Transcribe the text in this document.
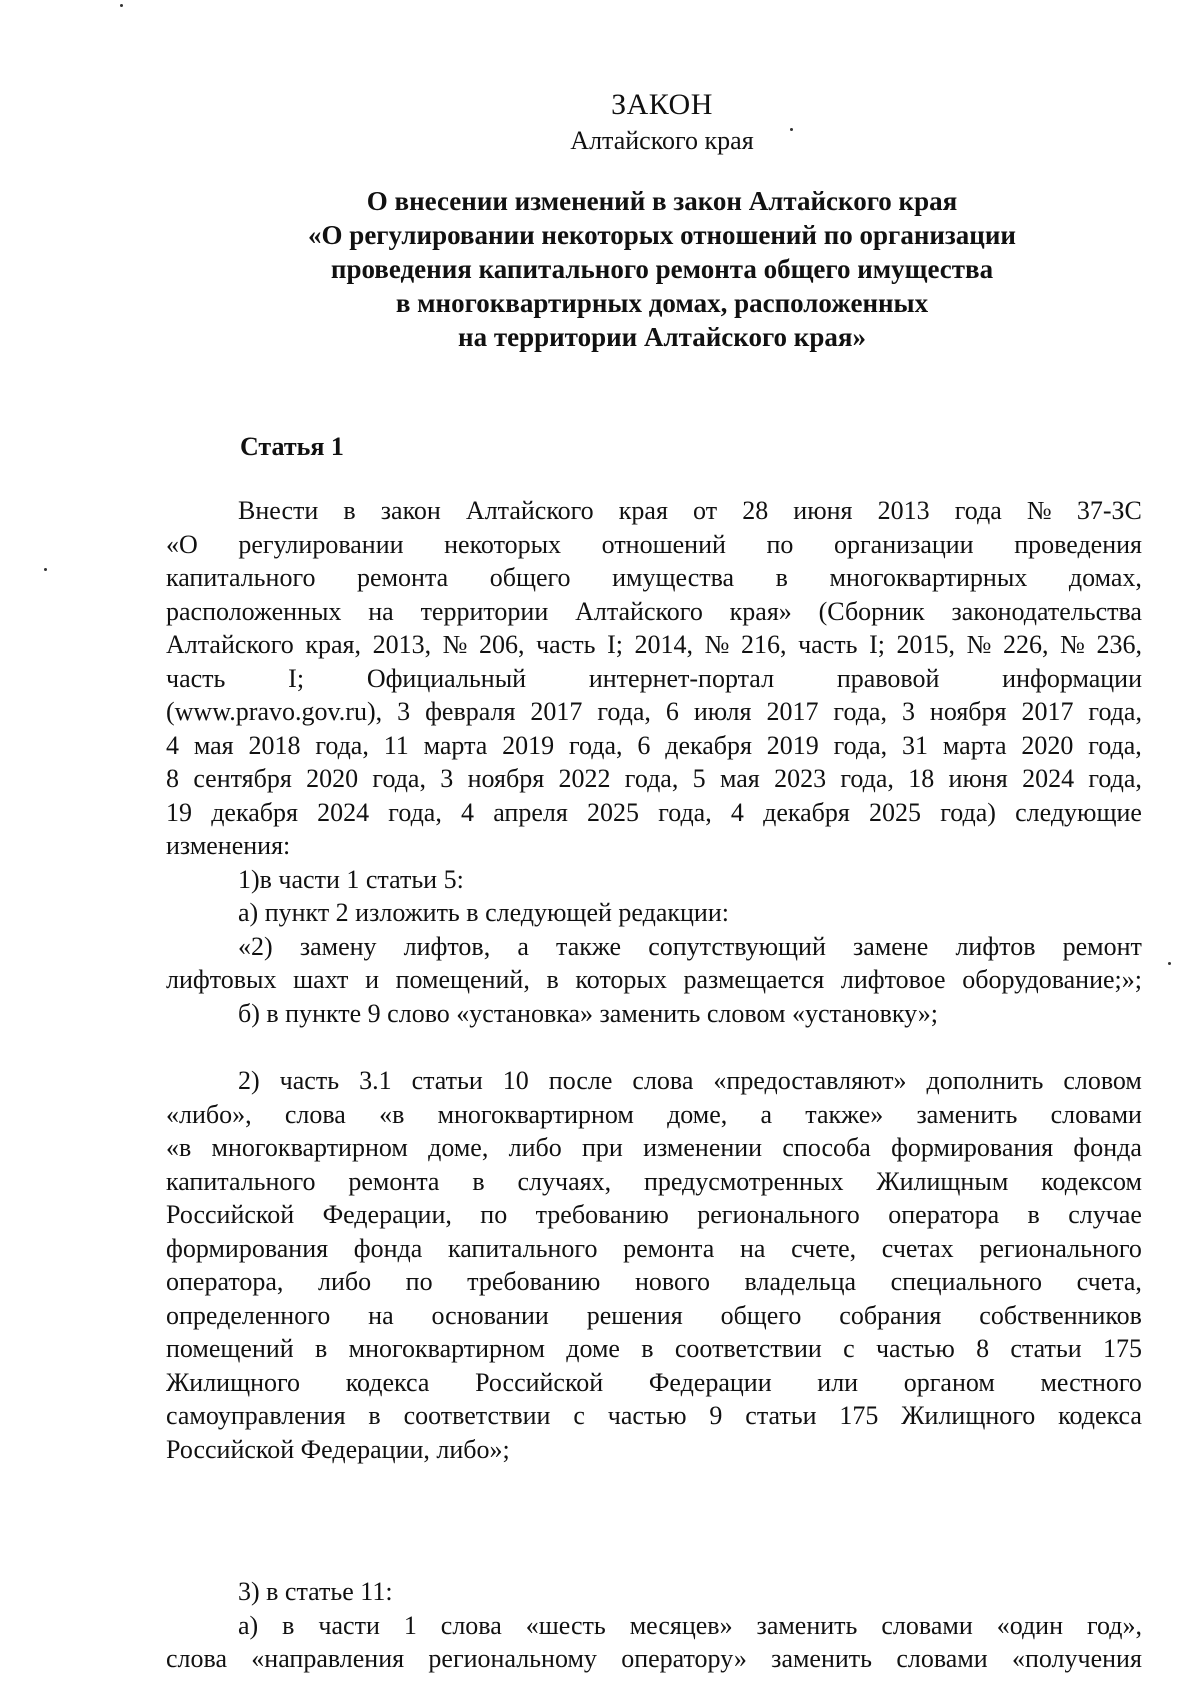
ЗАКОН
Алтайского края
О внесении изменений в закон Алтайского края
«О регулировании некоторых отношений по организации
проведения капитального ремонта общего имущества
в многоквартирных домах, расположенных
на территории Алтайского края»
Статья 1
Внести в закон Алтайского края от 28 июня 2013 года № 37-ЗС
«О регулировании некоторых отношений по организации проведения
капитального ремонта общего имущества в многоквартирных домах,
расположенных на территории Алтайского края» (Сборник законодательства
Алтайского края, 2013, № 206, часть I; 2014, № 216, часть I; 2015, № 226, № 236,
часть I; Официальный интернет-портал правовой информации
(www.pravo.gov.ru), 3 февраля 2017 года, 6 июля 2017 года, 3 ноября 2017 года,
4 мая 2018 года, 11 марта 2019 года, 6 декабря 2019 года, 31 марта 2020 года,
8 сентября 2020 года, 3 ноября 2022 года, 5 мая 2023 года, 18 июня 2024 года,
19 декабря 2024 года, 4 апреля 2025 года, 4 декабря 2025 года) следующие
изменения:
1)в части 1 статьи 5:
а) пункт 2 изложить в следующей редакции:
«2) замену лифтов, а также сопутствующий замене лифтов ремонт
лифтовых шахт и помещений, в которых размещается лифтовое оборудование;»;
б) в пункте 9 слово «установка» заменить словом «установку»;
2) часть 3.1 статьи 10 после слова «предоставляют» дополнить словом
«либо», слова «в многоквартирном доме, а также» заменить словами
«в многоквартирном доме, либо при изменении способа формирования фонда
капитального ремонта в случаях, предусмотренных Жилищным кодексом
Российской Федерации, по требованию регионального оператора в случае
формирования фонда капитального ремонта на счете, счетах регионального
оператора, либо по требованию нового владельца специального счета,
определенного на основании решения общего собрания собственников
помещений в многоквартирном доме в соответствии с частью 8 статьи 175
Жилищного кодекса Российской Федерации или органом местного
самоуправления в соответствии с частью 9 статьи 175 Жилищного кодекса
Российской Федерации, либо»;
3) в статье 11:
а) в части 1 слова «шесть месяцев» заменить словами «один год»,
слова «направления региональному оператору» заменить словами «получения
